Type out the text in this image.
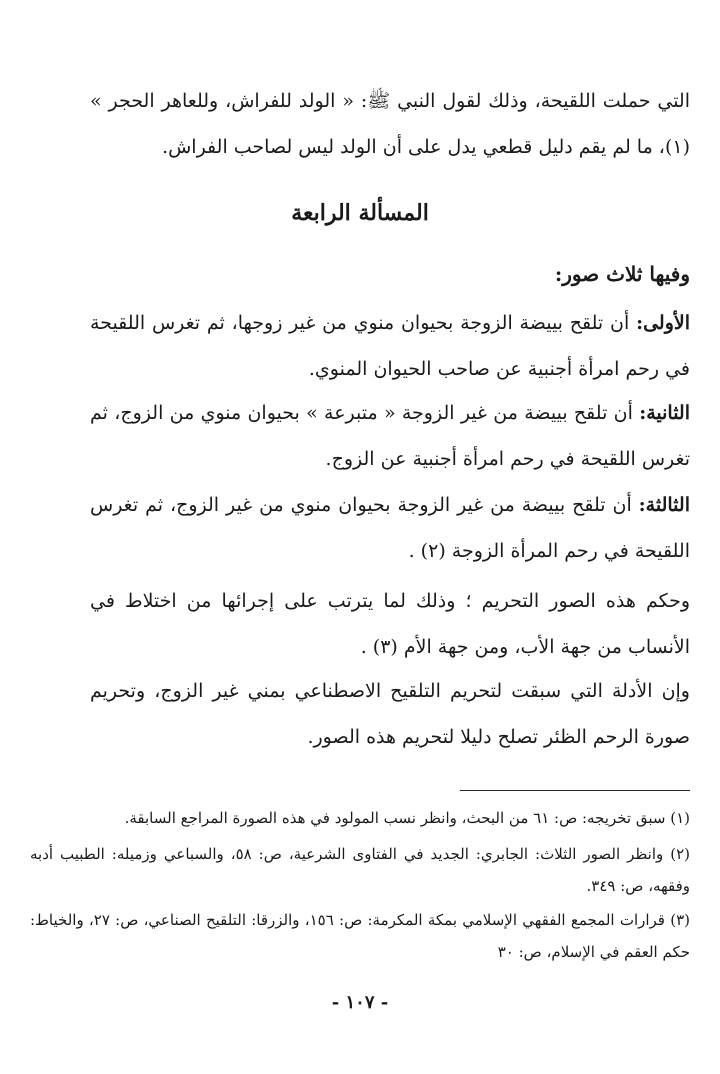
التي حملت اللقيحة، وذلك لقول النبي ﷺ: « الولد للفراش، وللعاهر الحجر » (١)، ما لم يقم دليل قطعي يدل على أن الولد ليس لصاحب الفراش.
المسألة الرابعة
وفيها ثلاث صور:
الأولى: أن تلقح بييضة الزوجة بحيوان منوي من غير زوجها، ثم تغرس اللقيحة في رحم امرأة أجنبية عن صاحب الحيوان المنوي.
الثانية: أن تلقح بييضة من غير الزوجة « متبرعة » بحيوان منوي من الزوج، ثم تغرس اللقيحة في رحم امرأة أجنبية عن الزوج.
الثالثة: أن تلقح بييضة من غير الزوجة بحيوان منوي من غير الزوج، ثم تغرس اللقيحة في رحم المرأة الزوجة (٢) .
وحكم هذه الصور التحريم ؛ وذلك لما يترتب على إجرائها من اختلاط في الأنساب من جهة الأب، ومن جهة الأم (٣) .
وإن الأدلة التي سبقت لتحريم التلقيح الاصطناعي بمني غير الزوج، وتحريم صورة الرحم الظئر تصلح دليلا لتحريم هذه الصور.
(١) سبق تخريجه: ص: ٦١ من البحث، وانظر نسب المولود في هذه الصورة المراجع السابقة.
(٢) وانظر الصور الثلاث: الجابري: الجديد في الفتاوى الشرعية، ص: ٥٨، والسباعي وزميله: الطبيب أدبه وفقهه، ص: ٣٤٩.
(٣) قرارات المجمع الفقهي الإسلامي بمكة المكرمة: ص: ١٥٦، والزرقا: التلقيح الصناعي، ص: ٢٧، والخياط: حكم العقم في الإسلام، ص: ٣٠
- ١٠٧ -
